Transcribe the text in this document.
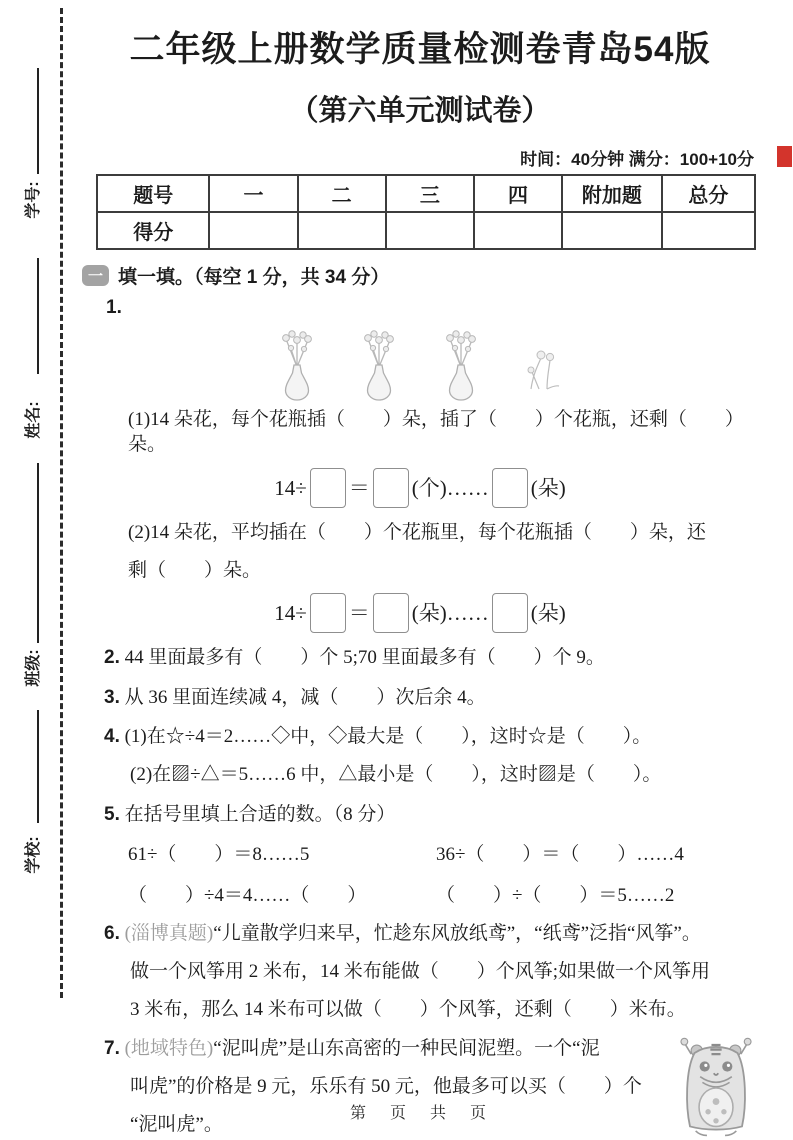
学号:
姓名:
班级:
学校:
二年级上册数学质量检测卷青岛54版
（第六单元测试卷）
时间：40分钟 满分：100+10分
题号	一	二	三	四	附加题	总分
得分						
一 填一填。（每空 1 分，共 34 分）
1.
(1)14 朵花，每个花瓶插（　　）朵，插了（　　）个花瓶，还剩（　　）朵。
14÷ ＝ (个)…… (朵)
(2)14 朵花，平均插在（　　）个花瓶里，每个花瓶插（　　）朵，还
剩（　　）朵。
14÷ ＝ (朵)…… (朵)
2. 44 里面最多有（　　）个 5;70 里面最多有（　　）个 9。
3. 从 36 里面连续减 4，减（　　）次后余 4。
4. (1)在☆÷4＝2……◇中，◇最大是（　　），这时☆是（　　）。
(2)在▨÷△＝5……6 中，△最小是（　　），这时▨是（　　）。
5. 在括号里填上合适的数。（8 分）
61÷（　　）＝8……5	36÷（　　）＝（　　）……4
（　　）÷4＝4……（　　）	（　　）÷（　　）＝5……2
6. (淄博真题)“儿童散学归来早，忙趁东风放纸鸢”，“纸鸢”泛指“风筝”。
做一个风筝用 2 米布，14 米布能做（　　）个风筝;如果做一个风筝用
3 米布，那么 14 米布可以做（　　）个风筝，还剩（　　）米布。
7. (地域特色)“泥叫虎”是山东高密的一种民间泥塑。一个“泥
叫虎”的价格是 9 元，乐乐有 50 元，他最多可以买（　　）个
“泥叫虎”。	第　页　共　页
